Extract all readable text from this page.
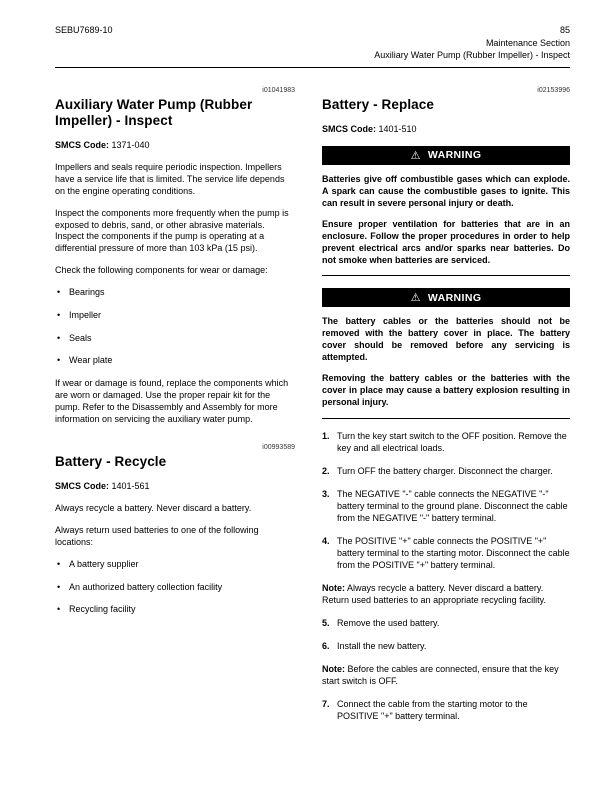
SEBU7689-10	85
Maintenance Section
Auxiliary Water Pump (Rubber Impeller) - Inspect
i01041983
Auxiliary Water Pump (Rubber Impeller) - Inspect

SMCS Code: 1371-040

Impellers and seals require periodic inspection. Impellers have a service life that is limited. The service life depends on the engine operating conditions.

Inspect the components more frequently when the pump is exposed to debris, sand, or other abrasive materials. Inspect the components if the pump is operating at a differential pressure of more than 103 kPa (15 psi).

Check the following components for wear or damage:

• Bearings
• Impeller
• Seals
• Wear plate

If wear or damage is found, replace the components which are worn or damaged. Use the proper repair kit for the pump. Refer to the Disassembly and Assembly for more information on servicing the auxiliary water pump.

i00993589
Battery - Recycle

SMCS Code: 1401-561

Always recycle a battery. Never discard a battery.

Always return used batteries to one of the following locations:

• A battery supplier
• An authorized battery collection facility
• Recycling facility
i02153996
Battery - Replace

SMCS Code: 1401-510

⚠ WARNING

Batteries give off combustible gases which can explode. A spark can cause the combustible gases to ignite. This can result in severe personal injury or death.

Ensure proper ventilation for batteries that are in an enclosure. Follow the proper procedures in order to help prevent electrical arcs and/or sparks near batteries. Do not smoke when batteries are serviced.

⚠ WARNING

The battery cables or the batteries should not be removed with the battery cover in place. The battery cover should be removed before any servicing is attempted.

Removing the battery cables or the batteries with the cover in place may cause a battery explosion resulting in personal injury.

1. Turn the key start switch to the OFF position. Remove the key and all electrical loads.
2. Turn OFF the battery charger. Disconnect the charger.
3. The NEGATIVE "-" cable connects the NEGATIVE "-" battery terminal to the ground plane. Disconnect the cable from the NEGATIVE "-" battery terminal.
4. The POSITIVE "+" cable connects the POSITIVE "+" battery terminal to the starting motor. Disconnect the cable from the POSITIVE "+" battery terminal.

Note: Always recycle a battery. Never discard a battery. Return used batteries to an appropriate recycling facility.

5. Remove the used battery.
6. Install the new battery.

Note: Before the cables are connected, ensure that the key start switch is OFF.

7. Connect the cable from the starting motor to the POSITIVE "+" battery terminal.
